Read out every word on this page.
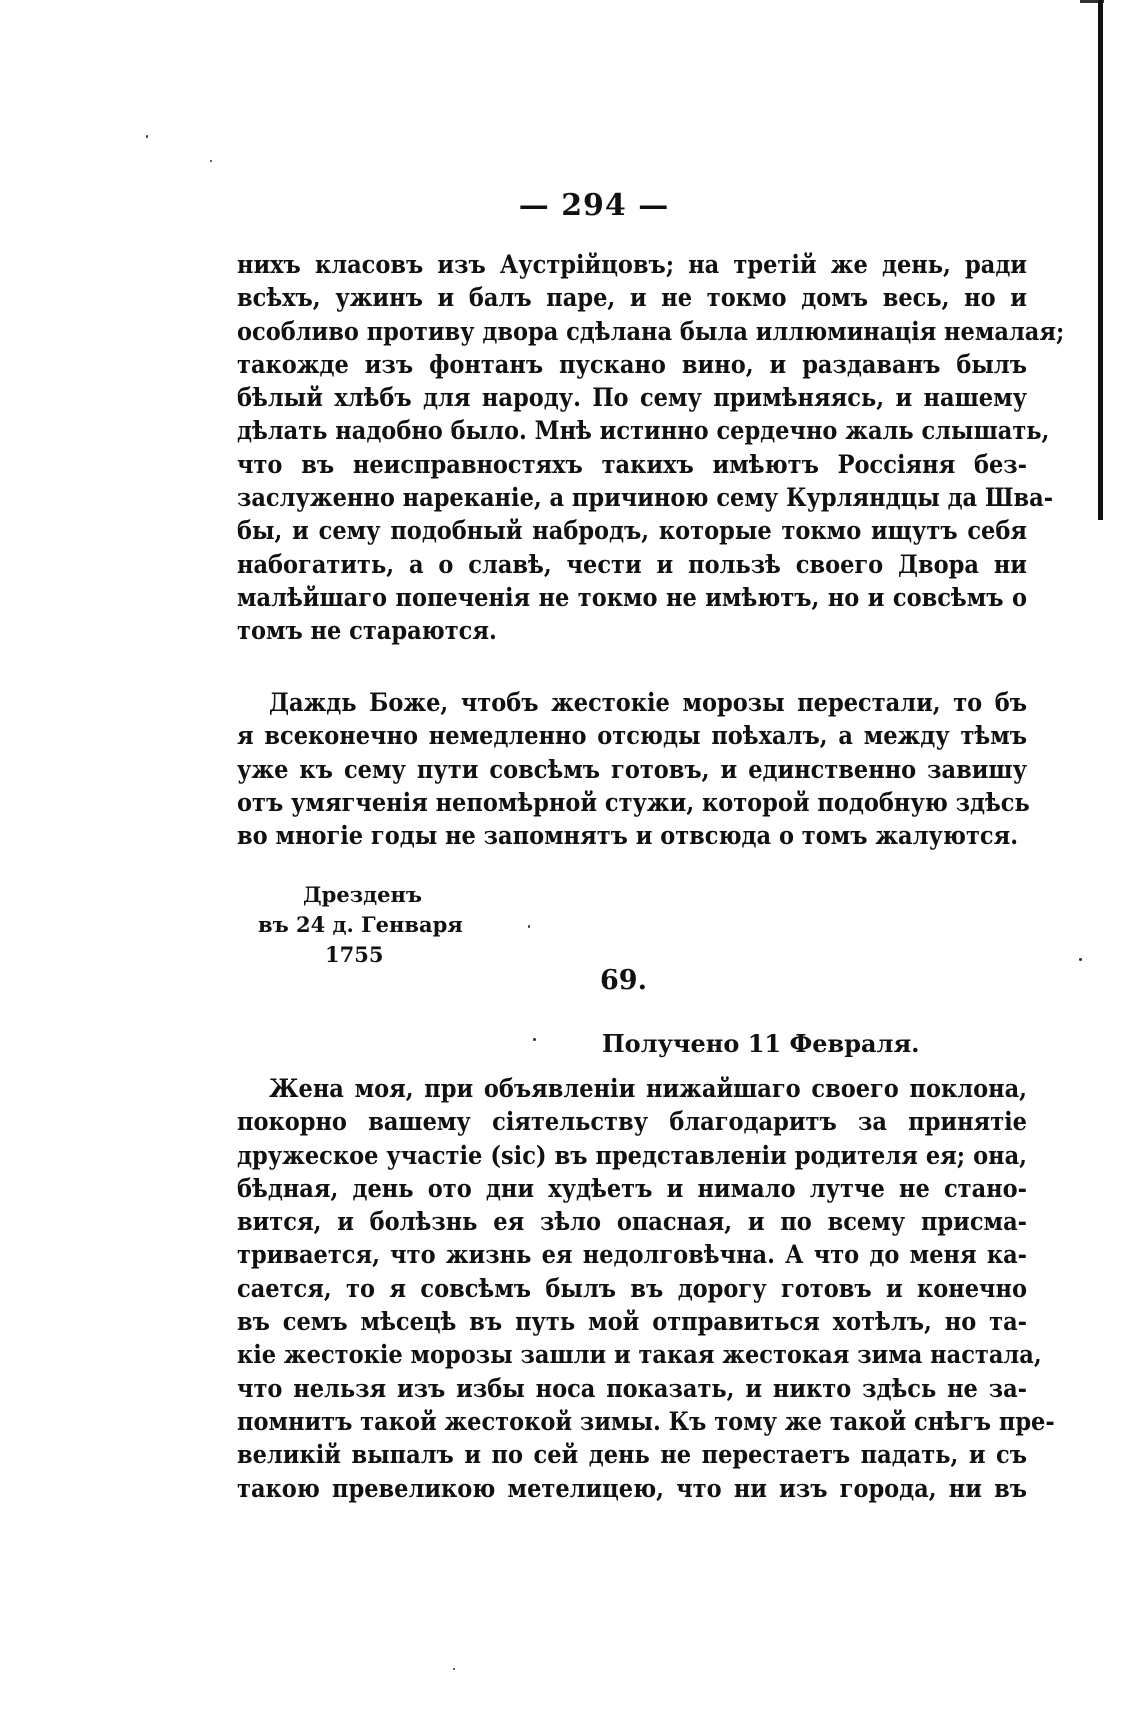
— 294 —
нихъ класовъ изъ Аустрійцовъ; на третій же день, ради
всѣхъ, ужинъ и балъ паре, и не токмо домъ весь, но и
особливо противу двора сдѣлана была иллюминація немалая;
такожде изъ фонтанъ пускано вино, и раздаванъ былъ
бѣлый хлѣбъ для народу. По сему примѣняясь, и нашему
дѣлать надобно было. Мнѣ истинно сердечно жаль слышать,
что въ неисправностяхъ такихъ имѣютъ Россіяня без-
заслуженно нареканіе, а причиною сему Курляндцы да Шва-
бы, и сему подобный набродъ, которые токмо ищутъ себя
набогатить, а о славѣ, чести и пользѣ своего Двора ни
малѣйшаго попеченія не токмо не имѣютъ, но и совсѣмъ о
томъ не стараются.
Даждь Боже, чтобъ жестокіе морозы перестали, то бъ
я всеконечно немедленно отсюды поѣхалъ, а между тѣмъ
уже къ сему пути совсѣмъ готовъ, и единственно завишу
отъ умягченія непомѣрной стужи, которой подобную здѣсь
во многіе годы не запомнятъ и отвсюда о томъ жалуются.
Дрезденъ
въ 24 д. Генваря
1755
69.
Получено 11 Февраля.
Жена моя, при объявленіи нижайшаго своего поклона,
покорно вашему сіятельству благодаритъ за принятіе
дружеское участіе (sic) въ представленіи родителя ея; она,
бѣдная, день ото дни худѣетъ и нимало лутче не стано-
вится, и болѣзнь ея зѣло опасная, и по всему присма-
тривается, что жизнь ея недолговѣчна. А что до меня ка-
сается, то я совсѣмъ былъ въ дорогу готовъ и конечно
въ семъ мѣсецѣ въ путь мой отправиться хотѣлъ, но та-
кіе жестокіе морозы зашли и такая жестокая зима настала,
что нельзя изъ избы носа показать, и никто здѣсь не за-
помнитъ такой жестокой зимы. Къ тому же такой снѣгъ пре-
великій выпалъ и по сей день не перестаетъ падать, и съ
такою превеликою метелицею, что ни изъ города, ни въ
